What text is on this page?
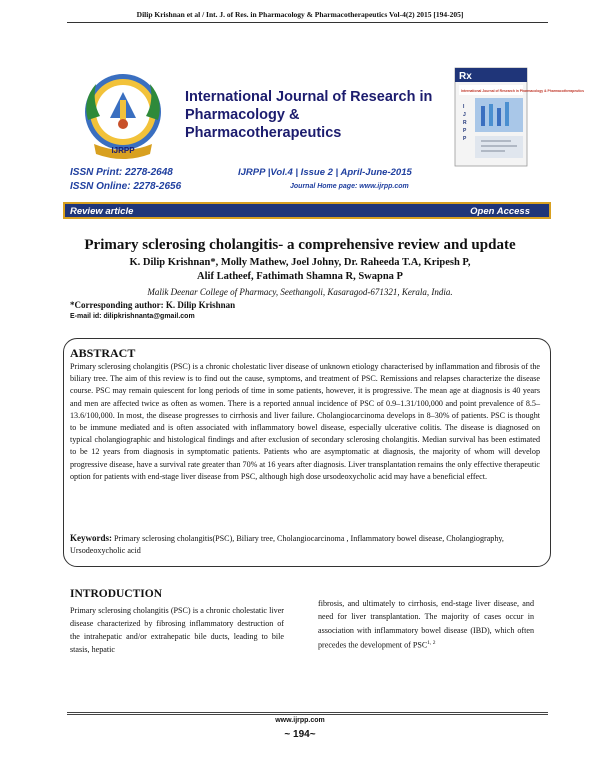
Dilip Krishnan et al / Int. J. of Res. in Pharmacology & Pharmacotherapeutics Vol-4(2) 2015 [194-205]
IJRPP
International Journal of Research in Pharmacology & Pharmacotherapeutics
Rx
International Journal of Research in Pharmacology & Pharmacotherapeutics
I
J
R
P
P
ISSN Print: 2278-2648
ISSN Online: 2278-2656
IJRPP |Vol.4 | Issue 2 | April-June-2015
Journal Home page: www.ijrpp.com
Review article	Open Access
Primary sclerosing cholangitis- a comprehensive review and update
K. Dilip Krishnan*, Molly Mathew, Joel Johny, Dr. Raheeda T.A, Kripesh P,
Alif Latheef, Fathimath Shamna R, Swapna P
Malik Deenar College of Pharmacy, Seethangoli, Kasaragod-671321, Kerala, India.
*Corresponding author: K. Dilip Krishnan
E-mail id: dilipkrishnanta@gmail.com
ABSTRACT
Primary sclerosing cholangitis (PSC) is a chronic cholestatic liver disease of unknown etiology characterised by inflammation and fibrosis of the biliary tree. The aim of this review is to find out the cause, symptoms, and treatment of PSC. Remissions and relapses characterize the disease course. PSC may remain quiescent for long periods of time in some patients, however, it is progressive. The mean age at diagnosis is 40 years and men are affected twice as often as women. There is a reported annual incidence of PSC of 0.9–1.31/100,000 and point prevalence of 8.5–13.6/100,000. In most, the disease progresses to cirrhosis and liver failure. Cholangiocarcinoma develops in 8–30% of patients. PSC is thought to be immune mediated and is often associated with inflammatory bowel disease, especially ulcerative colitis. The disease is diagnosed on typical cholangiographic and histological findings and after exclusion of secondary sclerosing cholangitis. Median survival has been estimated to be 12 years from diagnosis in symptomatic patients. Patients who are asymptomatic at diagnosis, the majority of whom will develop progressive disease, have a survival rate greater than 70% at 16 years after diagnosis. Liver transplantation remains the only effective therapeutic option for patients with end-stage liver disease from PSC, although high dose ursodeoxycholic acid may have a beneficial effect.
Keywords: Primary sclerosing cholangitis(PSC), Biliary tree, Cholangiocarcinoma , Inflammatory bowel disease, Cholangiography, Ursodeoxycholic acid
INTRODUCTION
Primary sclerosing cholangitis (PSC) is a chronic cholestatic liver disease characterized by fibrosing inflammatory destruction of the intrahepatic and/or extrahepatic bile ducts, leading to bile stasis, hepatic
fibrosis, and ultimately to cirrhosis, end-stage liver disease, and need for liver transplantation. The majority of cases occur in association with inflammatory bowel disease (IBD), which often precedes the development of PSC$^{1, 2}$
www.ijrpp.com
~ 194~
